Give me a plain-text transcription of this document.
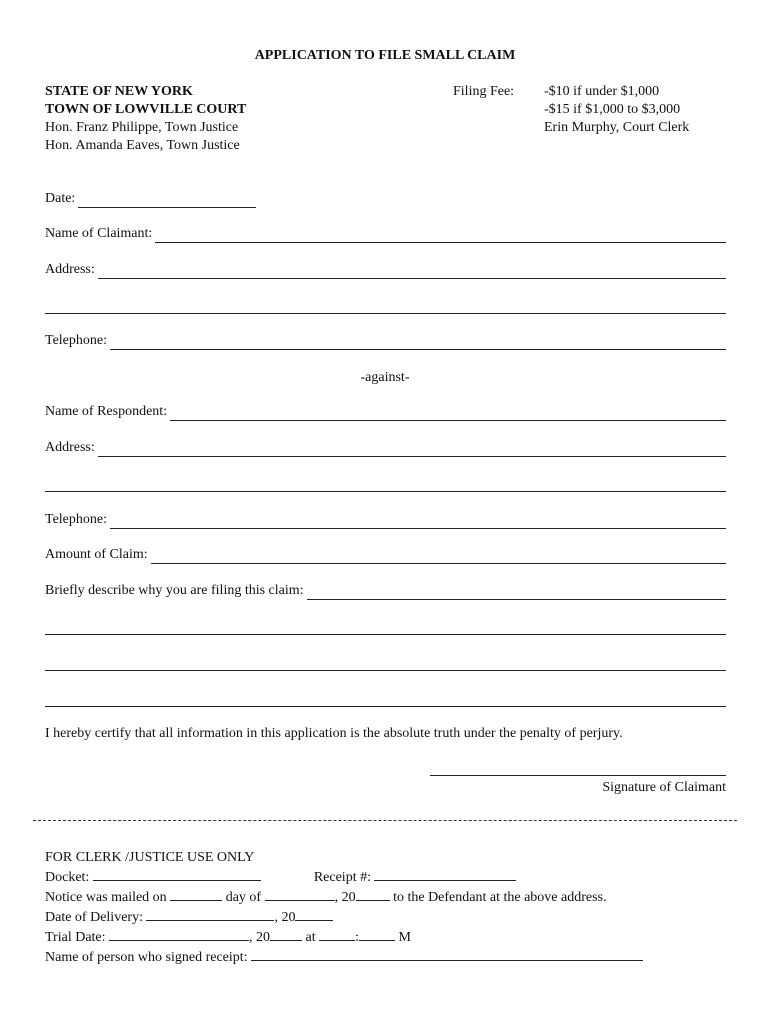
APPLICATION TO FILE SMALL CLAIM
STATE OF NEW YORK
TOWN OF LOWVILLE COURT
Hon. Franz Philippe, Town Justice
Hon. Amanda Eaves, Town Justice
Filing Fee: -$10 if under $1,000
-$15 if $1,000 to $3,000
Erin Murphy, Court Clerk
Date:
Name of Claimant:
Address:
Telephone:
-against-
Name of Respondent:
Address:
Telephone:
Amount of Claim:
Briefly describe why you are filing this claim:
I hereby certify that all information in this application is the absolute truth under the penalty of perjury.
Signature of Claimant
FOR CLERK /JUSTICE USE ONLY
Docket:	Receipt #:
Notice was mailed on	day of	, 20	to the Defendant at the above address.
Date of Delivery:	, 20
Trial Date:	, 20	at	:	M
Name of person who signed receipt:
